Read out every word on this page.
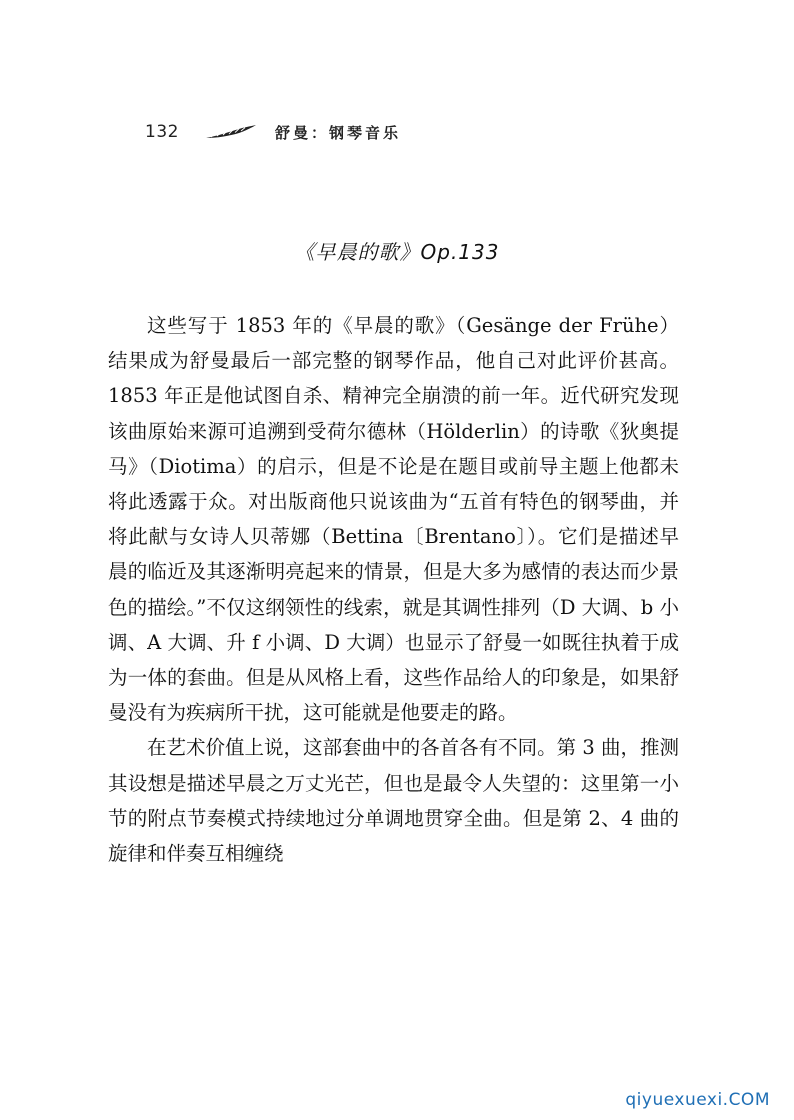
132	舒曼：钢琴音乐
《早晨的歌》Op.133

这些写于 1853 年的《早晨的歌》（Gesänge der Frühe）结果成为舒曼最后一部完整的钢琴作品，他自己对此评价甚高。1853 年正是他试图自杀、精神完全崩溃的前一年。近代研究发现该曲原始来源可追溯到受荷尔德林（Hölderlin）的诗歌《狄奥提马》（Diotima）的启示，但是不论是在题目或前导主题上他都未将此透露于众。对出版商他只说该曲为“五首有特色的钢琴曲，并将此献与女诗人贝蒂娜（Bettina〔Brentano〕）。它们是描述早晨的临近及其逐渐明亮起来的情景，但是大多为感情的表达而少景色的描绘。”不仅这纲领性的线索，就是其调性排列（D 大调、b 小调、A 大调、升 f 小调、D 大调）也显示了舒曼一如既往执着于成为一体的套曲。但是从风格上看，这些作品给人的印象是，如果舒曼没有为疾病所干扰，这可能就是他要走的路。

在艺术价值上说，这部套曲中的各首各有不同。第 3 曲，推测其设想是描述早晨之万丈光芒，但也是最令人失望的：这里第一小节的附点节奏模式持续地过分单调地贯穿全曲。但是第 2、4 曲的旋律和伴奏互相缠绕

qiyuexuexi.COM
